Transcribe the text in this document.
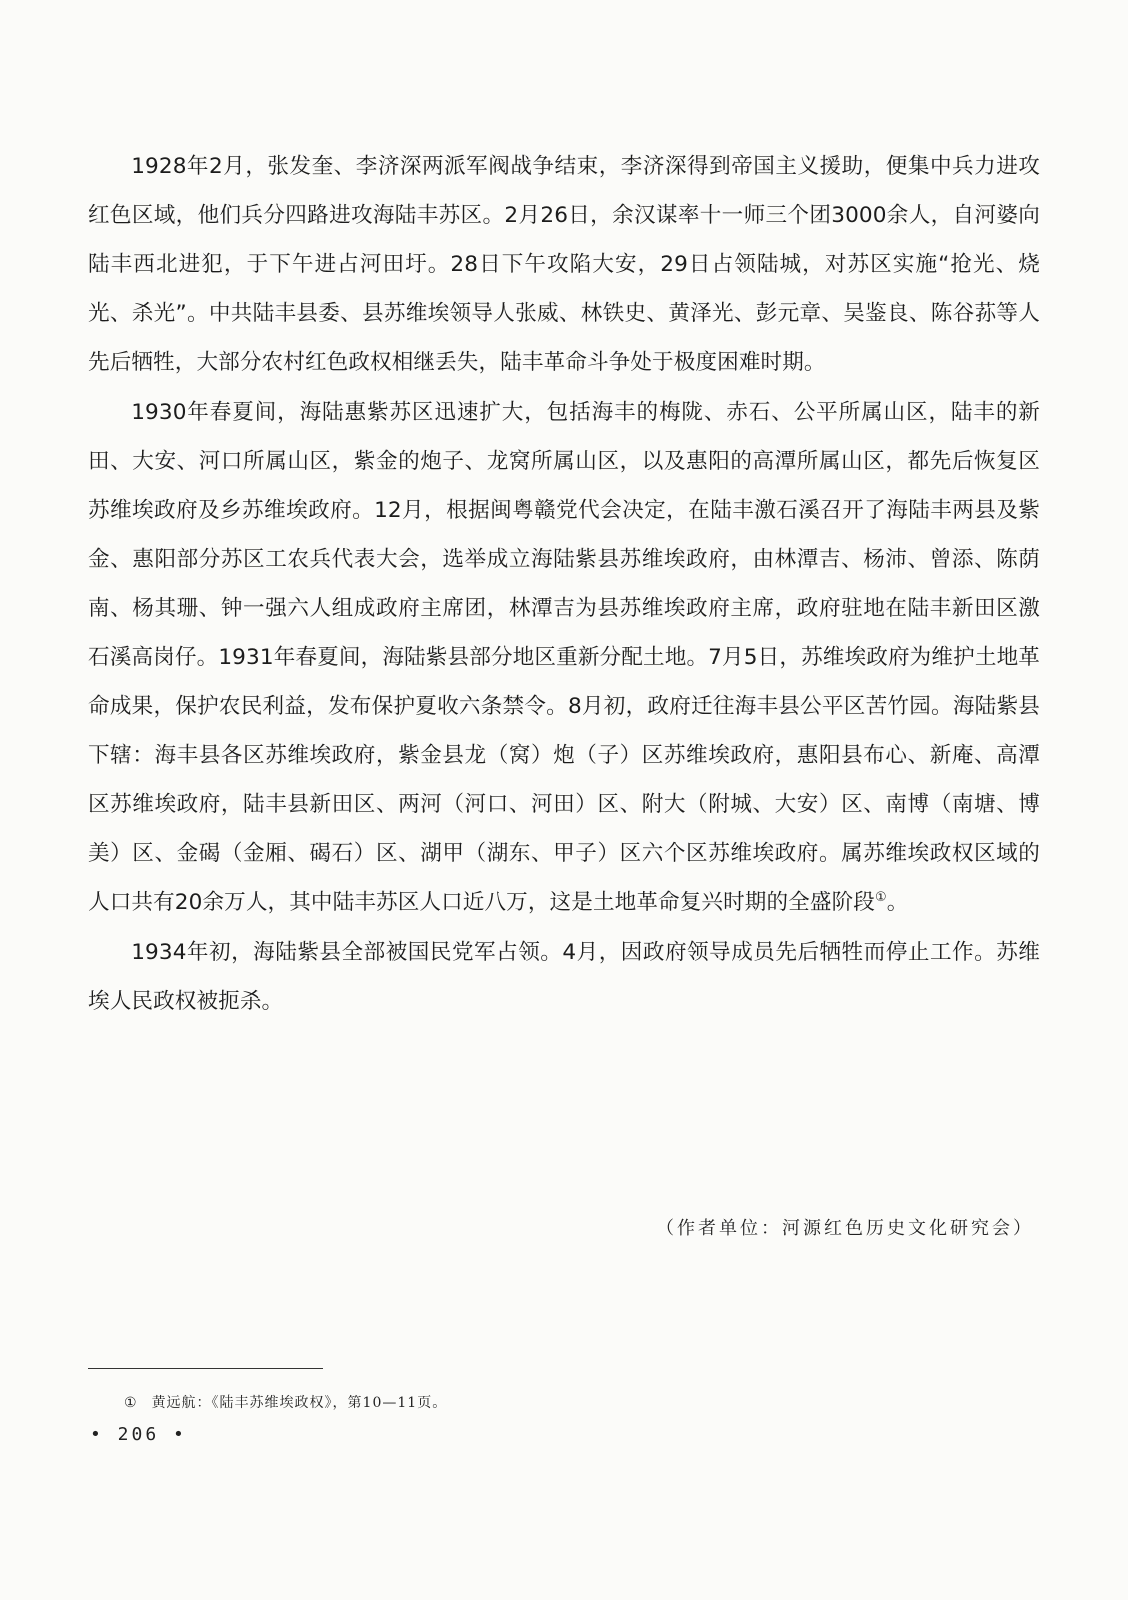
1928年2月，张发奎、李济深两派军阀战争结束，李济深得到帝国主义援助，便集中兵力进攻红色区域，他们兵分四路进攻海陆丰苏区。2月26日，余汉谋率十一师三个团3000余人，自河婆向陆丰西北进犯，于下午进占河田圩。28日下午攻陷大安，29日占领陆城，对苏区实施“抢光、烧光、杀光”。中共陆丰县委、县苏维埃领导人张威、林铁史、黄泽光、彭元章、吴鉴良、陈谷荪等人先后牺牲，大部分农村红色政权相继丢失，陆丰革命斗争处于极度困难时期。

1930年春夏间，海陆惠紫苏区迅速扩大，包括海丰的梅陇、赤石、公平所属山区，陆丰的新田、大安、河口所属山区，紫金的炮子、龙窝所属山区，以及惠阳的高潭所属山区，都先后恢复区苏维埃政府及乡苏维埃政府。12月，根据闽粤赣党代会决定，在陆丰激石溪召开了海陆丰两县及紫金、惠阳部分苏区工农兵代表大会，选举成立海陆紫县苏维埃政府，由林潭吉、杨沛、曾添、陈荫南、杨其珊、钟一强六人组成政府主席团，林潭吉为县苏维埃政府主席，政府驻地在陆丰新田区激石溪高岗仔。1931年春夏间，海陆紫县部分地区重新分配土地。7月5日，苏维埃政府为维护土地革命成果，保护农民利益，发布保护夏收六条禁令。8月初，政府迁往海丰县公平区苦竹园。海陆紫县下辖：海丰县各区苏维埃政府，紫金县龙（窝）炮（子）区苏维埃政府，惠阳县布心、新庵、高潭区苏维埃政府，陆丰县新田区、两河（河口、河田）区、附大（附城、大安）区、南博（南塘、博美）区、金碣（金厢、碣石）区、湖甲（湖东、甲子）区六个区苏维埃政府。属苏维埃政权区域的人口共有20余万人，其中陆丰苏区人口近八万，这是土地革命复兴时期的全盛阶段①。

1934年初，海陆紫县全部被国民党军占领。4月，因政府领导成员先后牺牲而停止工作。苏维埃人民政权被扼杀。

（作者单位：河源红色历史文化研究会）
① 黄远航：《陆丰苏维埃政权》，第10—11页。
• 206 •
